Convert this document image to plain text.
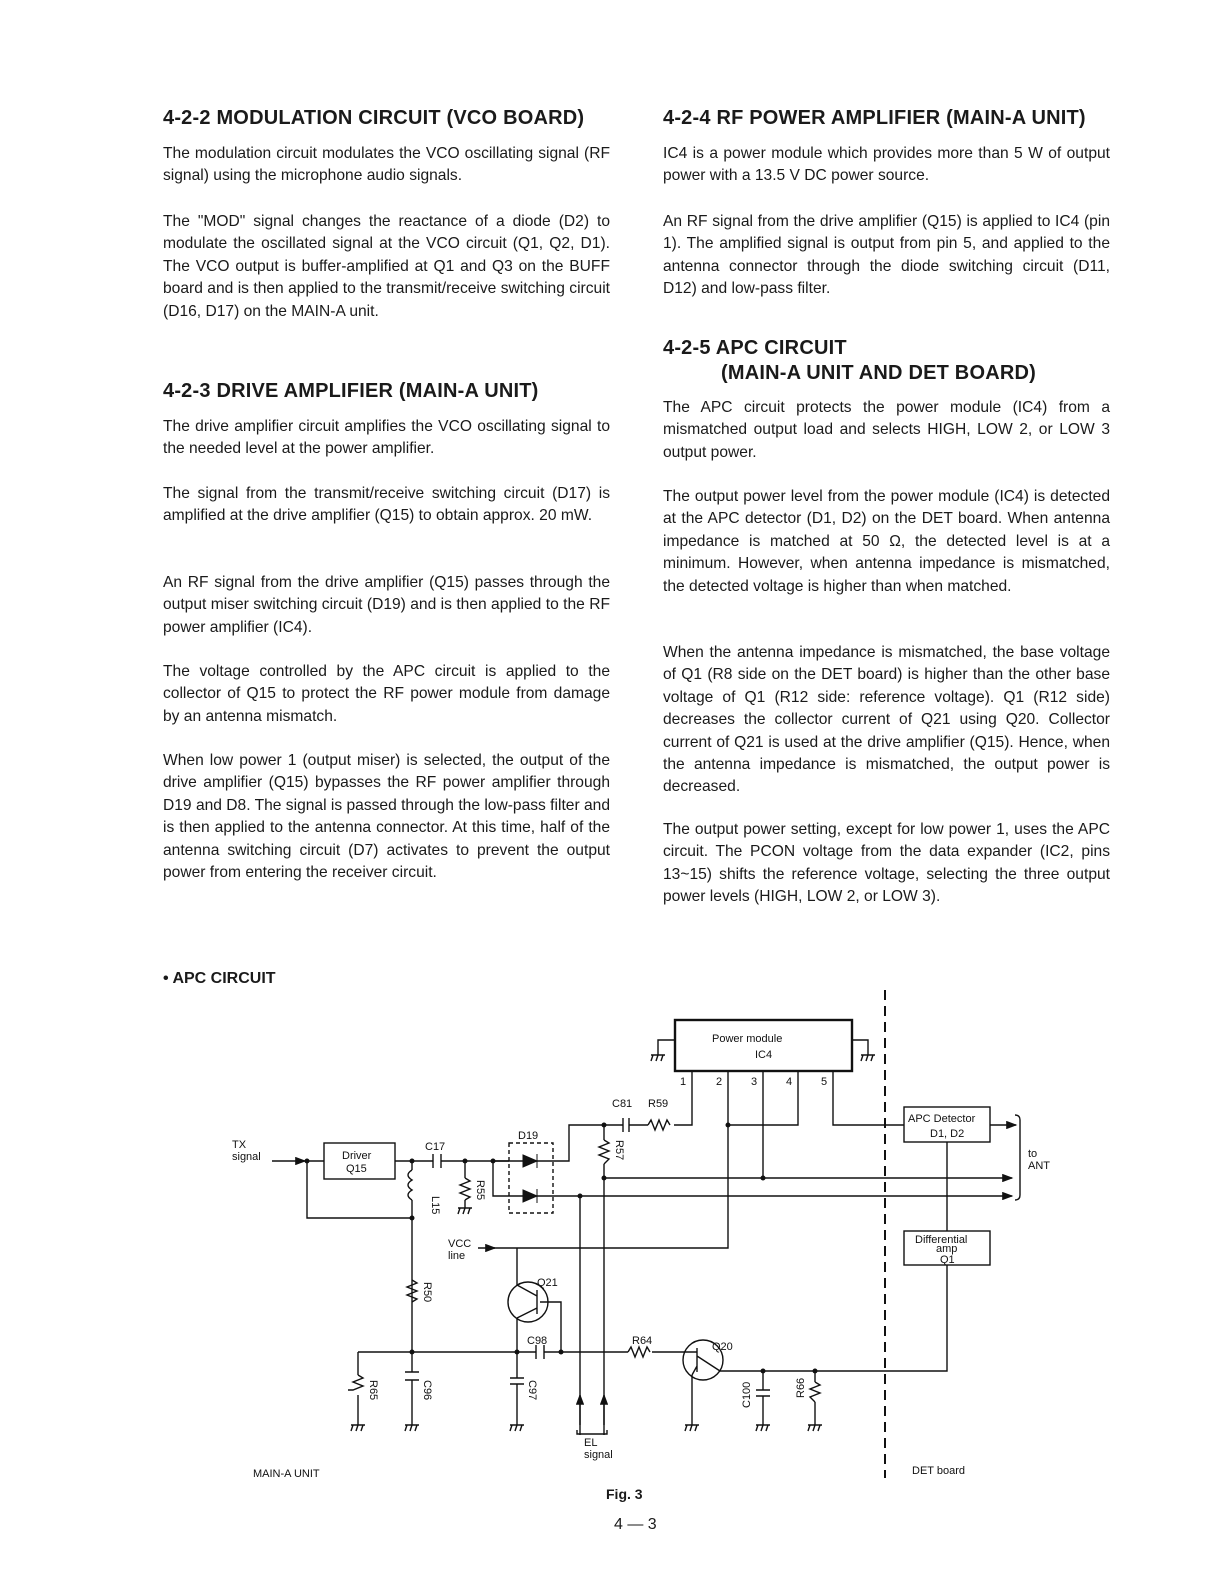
4-2-2 MODULATION CIRCUIT (VCO BOARD)

The modulation circuit modulates the VCO oscillating signal (RF signal) using the microphone audio signals.

The "MOD" signal changes the reactance of a diode (D2) to modulate the oscillated signal at the VCO circuit (Q1, Q2, D1). The VCO output is buffer-amplified at Q1 and Q3 on the BUFF board and is then applied to the transmit/receive switching circuit (D16, D17) on the MAIN-A unit.

4-2-3 DRIVE AMPLIFIER (MAIN-A UNIT)

The drive amplifier circuit amplifies the VCO oscillating signal to the needed level at the power amplifier.

The signal from the transmit/receive switching circuit (D17) is amplified at the drive amplifier (Q15) to obtain approx. 20 mW.

An RF signal from the drive amplifier (Q15) passes through the output miser switching circuit (D19) and is then applied to the RF power amplifier (IC4).

The voltage controlled by the APC circuit is applied to the collector of Q15 to protect the RF power module from damage by an antenna mismatch.

When low power 1 (output miser) is selected, the output of the drive amplifier (Q15) bypasses the RF power amplifier through D19 and D8. The signal is passed through the low-pass filter and is then applied to the antenna connector. At this time, half of the antenna switching circuit (D7) activates to prevent the output power from entering the receiver circuit.

4-2-4 RF POWER AMPLIFIER (MAIN-A UNIT)

IC4 is a power module which provides more than 5 W of output power with a 13.5 V DC power source.

An RF signal from the drive amplifier (Q15) is applied to IC4 (pin 1). The amplified signal is output from pin 5, and applied to the antenna connector through the diode switching circuit (D11, D12) and low-pass filter.

4-2-5 APC CIRCUIT
(MAIN-A UNIT AND DET BOARD)

The APC circuit protects the power module (IC4) from a mismatched output load and selects HIGH, LOW 2, or LOW 3 output power.

The output power level from the power module (IC4) is detected at the APC detector (D1, D2) on the DET board. When antenna impedance is matched at 50 Ω, the detected level is at a minimum. However, when antenna impedance is mismatched, the detected voltage is higher than when matched.

When the antenna impedance is mismatched, the base voltage of Q1 (R8 side on the DET board) is higher than the other base voltage of Q1 (R12 side: reference voltage). Q1 (R12 side) decreases the collector current of Q21 using Q20. Collector current of Q21 is used at the drive amplifier (Q15). Hence, when the antenna impedance is mismatched, the output power is decreased.

The output power setting, except for low power 1, uses the APC circuit. The PCON voltage from the data expander (IC2, pins 13~15) shifts the reference voltage, selecting the three output power levels (HIGH, LOW 2, or LOW 3).

• APC CIRCUIT
TX
signal	Driver
Q15
C17
D19
C81 R59
VCC
line
Q21
C98	R64	Q20
L15
R55
R57
R50
R65	C96	C97	C100	R66
EL
signal
Power module
IC4
1	2	3	4	5
APC Detector
D1, D2
Differential
amp
Q1
to
ANT
MAIN-A UNIT	DET board
Fig. 3
4 — 3
